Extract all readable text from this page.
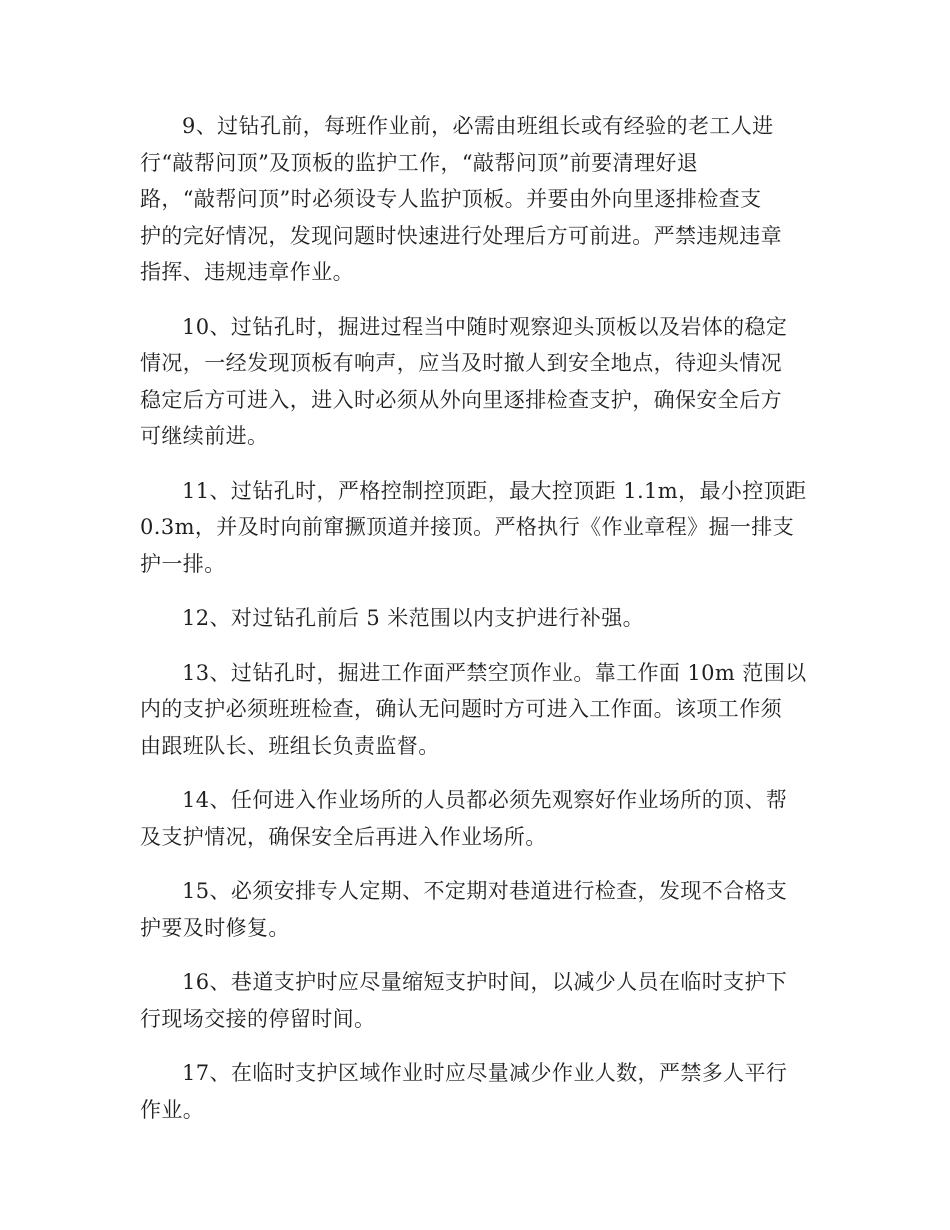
9、过钻孔前，每班作业前，必需由班组长或有经验的老工人进
行“敲帮问顶”及顶板的监护工作，“敲帮问顶”前要清理好退
路，“敲帮问顶”时必须设专人监护顶板。并要由外向里逐排检查支
护的完好情况，发现问题时快速进行处理后方可前进。严禁违规违章
指挥、违规违章作业。
10、过钻孔时，掘进过程当中随时观察迎头顶板以及岩体的稳定
情况，一经发现顶板有响声，应当及时撤人到安全地点，待迎头情况
稳定后方可进入，进入时必须从外向里逐排检查支护，确保安全后方
可继续前进。
11、过钻孔时，严格控制控顶距，最大控顶距 1.1m，最小控顶距
0.3m，并及时向前窜撅顶道并接顶。严格执行《作业章程》掘一排支
护一排。
12、对过钻孔前后 5 米范围以内支护进行补强。
13、过钻孔时，掘进工作面严禁空顶作业。靠工作面 10m 范围以
内的支护必须班班检查，确认无问题时方可进入工作面。该项工作须
由跟班队长、班组长负责监督。
14、任何进入作业场所的人员都必须先观察好作业场所的顶、帮
及支护情况，确保安全后再进入作业场所。
15、必须安排专人定期、不定期对巷道进行检查，发现不合格支
护要及时修复。
16、巷道支护时应尽量缩短支护时间，以减少人员在临时支护下
行现场交接的停留时间。
17、在临时支护区域作业时应尽量减少作业人数，严禁多人平行
作业。
